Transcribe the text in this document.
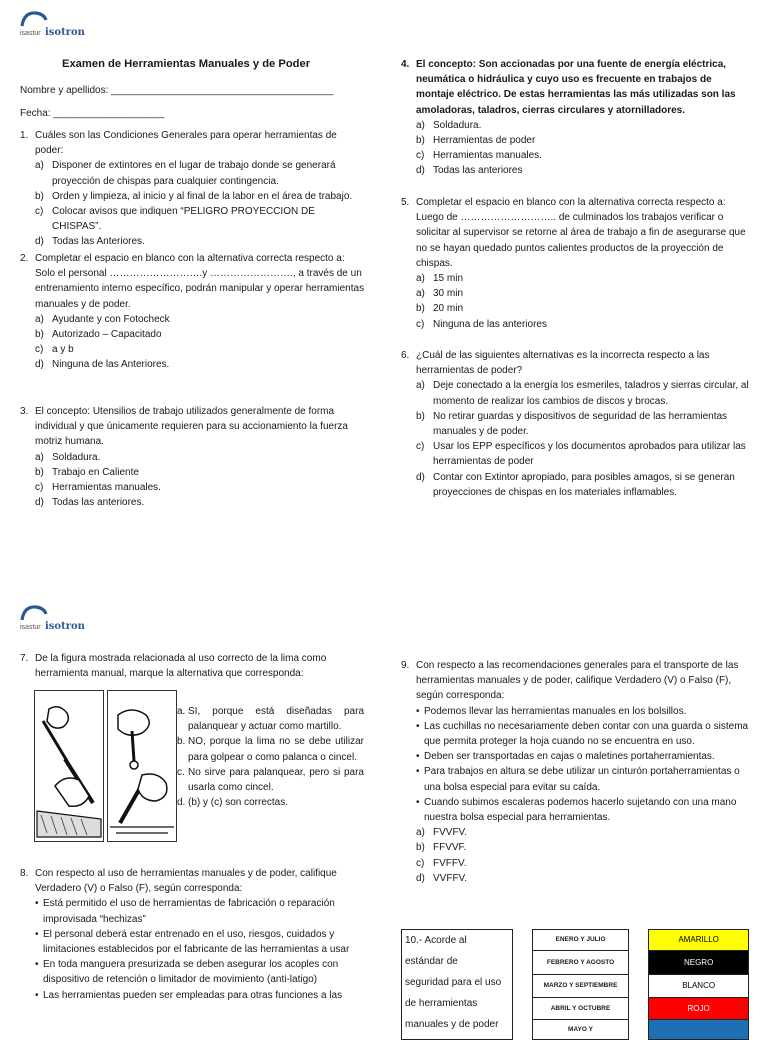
isastur isotron
Examen de Herramientas Manuales y de Poder
Nombre y apellidos: ________________________________________
Fecha: ____________________
1. Cuáles son las Condiciones Generales para operar herramientas de poder:
a) Disponer de extintores en el lugar de trabajo donde se generará proyección de chispas para cualquier contingencia.
b) Orden y limpieza, al inicio y al final de la labor en el área de trabajo.
c) Colocar avisos que indiquen “PELIGRO PROYECCION DE CHISPAS”.
d) Todas las Anteriores.
2. Completar el espacio en blanco con la alternativa correcta respecto a:
Solo el personal ……………………….y ……………………., a través de un entrenamiento interno específico, podrán manipular y operar herramientas manuales y de poder.
a) Ayudante y con Fotocheck
b) Autorizado – Capacitado
c) a y b
d) Ninguna de las Anteriores.
3. El concepto: Utensilios de trabajo utilizados generalmente de forma individual y que únicamente requieren para su accionamiento la fuerza motriz humana.
a) Soldadura.
b) Trabajo en Caliente
c) Herramientas manuales.
d) Todas las anteriores.
4. El concepto: Son accionadas por una fuente de energía eléctrica, neumática o hidráulica y cuyo uso es frecuente en trabajos de montaje eléctrico. De estas herramientas las más utilizadas son las amoladoras, taladros, cierras circulares y atornilladores.
a) Soldadura.
b) Herramientas de poder
c) Herramientas manuales.
d) Todas las anteriores
5. Completar el espacio en blanco con la alternativa correcta respecto a:
Luego de ……………………….. de culminados los trabajos verificar o solicitar al supervisor se retorne al área de trabajo a fin de asegurarse que no se hayan quedado puntos calientes productos de la proyección de chispas.
a) 15 min
a) 30 min
b) 20 min
c) Ninguna de las anteriores
6. ¿Cuál de las siguientes alternativas es la incorrecta respecto a las herramientas de poder?
a) Deje conectado a la energía los esmeriles, taladros y sierras circular, al momento de realizar los cambios de discos y brocas.
b) No retirar guardas y dispositivos de seguridad de las herramientas manuales y de poder.
c) Usar los EPP específicos y los documentos aprobados para utilizar las herramientas de poder
d) Contar con Extintor apropiado, para posibles amagos, si se generan proyecciones de chispas en los materiales inflamables.
isastur isotron
7. De la figura mostrada relacionada al uso correcto de la lima como herramienta manual, marque la alternativa que corresponda:
a. SI, porque está diseñadas para palanquear y actuar como martillo.
b. NO, porque la lima no se debe utilizar para golpear o como palanca o cincel.
c. No sirve para palanquear, pero si para usarla como cincel.
d. (b) y (c) son correctas.
8. Con respecto al uso de herramientas manuales y de poder, califique Verdadero (V) o Falso (F), según corresponda:
• Está permitido el uso de herramientas de fabricación o reparación improvisada “hechizas”
• El personal deberá estar entrenado en el uso, riesgos, cuidados y limitaciones establecidos por el fabricante de las herramientas a usar
• En toda manguera presurizada se deben asegurar los acoples con dispositivo de retención o limitador de movimiento (anti-latigo)
• Las herramientas pueden ser empleadas para otras funciones a las
9. Con respecto a las recomendaciones generales para el transporte de las herramientas manuales y de poder, califique Verdadero (V) o Falso (F), según corresponda:
• Podemos llevar las herramientas manuales en los bolsillos.
• Las cuchillas no necesariamente deben contar con una guarda o sistema que permita proteger la hoja cuando no se encuentra en uso.
• Deben ser transportadas en cajas o maletines portaherramientas.
• Para trabajos en altura se debe utilizar un cinturón portaherramientas o una bolsa especial para evitar su caída.
• Cuando subimos escaleras podemos hacerlo sujetando con una mano nuestra bolsa especial para herramientas.
a) FVVFV.
b) FFVVF.
c) FVFFV.
d) VVFFV.
10.- Acorde al
estándar de
seguridad para el uso
de herramientas
manuales y de poder		ENERO Y JULIO		AMARILLO
		FEBRERO Y AGOSTO		NEGRO
		MARZO Y SEPTIEMBRE		BLANCO
		ABRIL Y OCTUBRE		ROJO
		MAYO Y		
